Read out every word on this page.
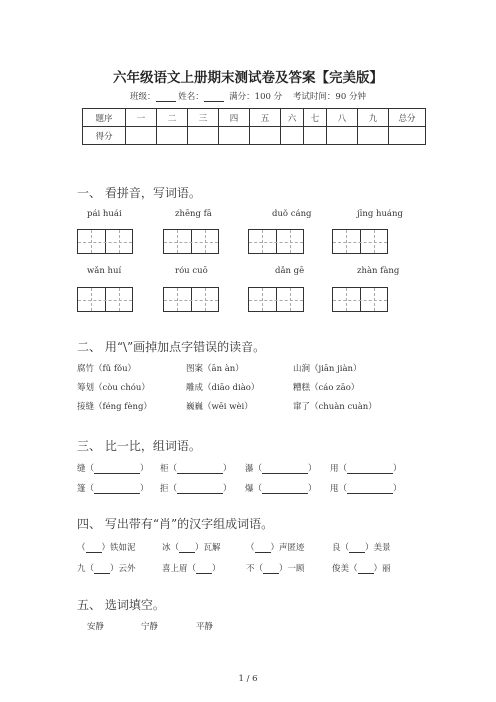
六年级语文上册期末测试卷及答案【完美版】
班级：	姓名：	满分：100 分 考试时间：90 分钟
题序	一	二	三	四	五	六	七	八	九	总分
得分										
一、 看拼音，写词语。
pái huái	zhēng fā	duǒ cáng	jīng huáng
wǎn huí	róu cuō	dǎn gē	zhàn fàng
二、 用“\”画掉加点字错误的读音。
腐竹（fǔ fǒu）	图案（ān àn）	山涧（jiān jiàn）
筹划（còu chóu）	雕成（diāo diào）	糟糕（cáo zāo）
接缝（féng fèng）	巍巍（wēi wèi）	窜了（chuàn cuàn）
三、 比一比，组词语。
缝（	） 柜（	） 瀑（	） 用（	）
篷（	） 拒（	） 爆（	） 甩（	）
四、 写出带有“肖”的汉字组成词语。
（ ）铁如泥	冰（ ）瓦解	（ ）声匿迹	良（ ）美景
九（ ）云外	喜上眉（ ）	不（ ）一顾	俊美（ ）丽
五、 选词填空。
安静	宁静	平静
1 / 6
